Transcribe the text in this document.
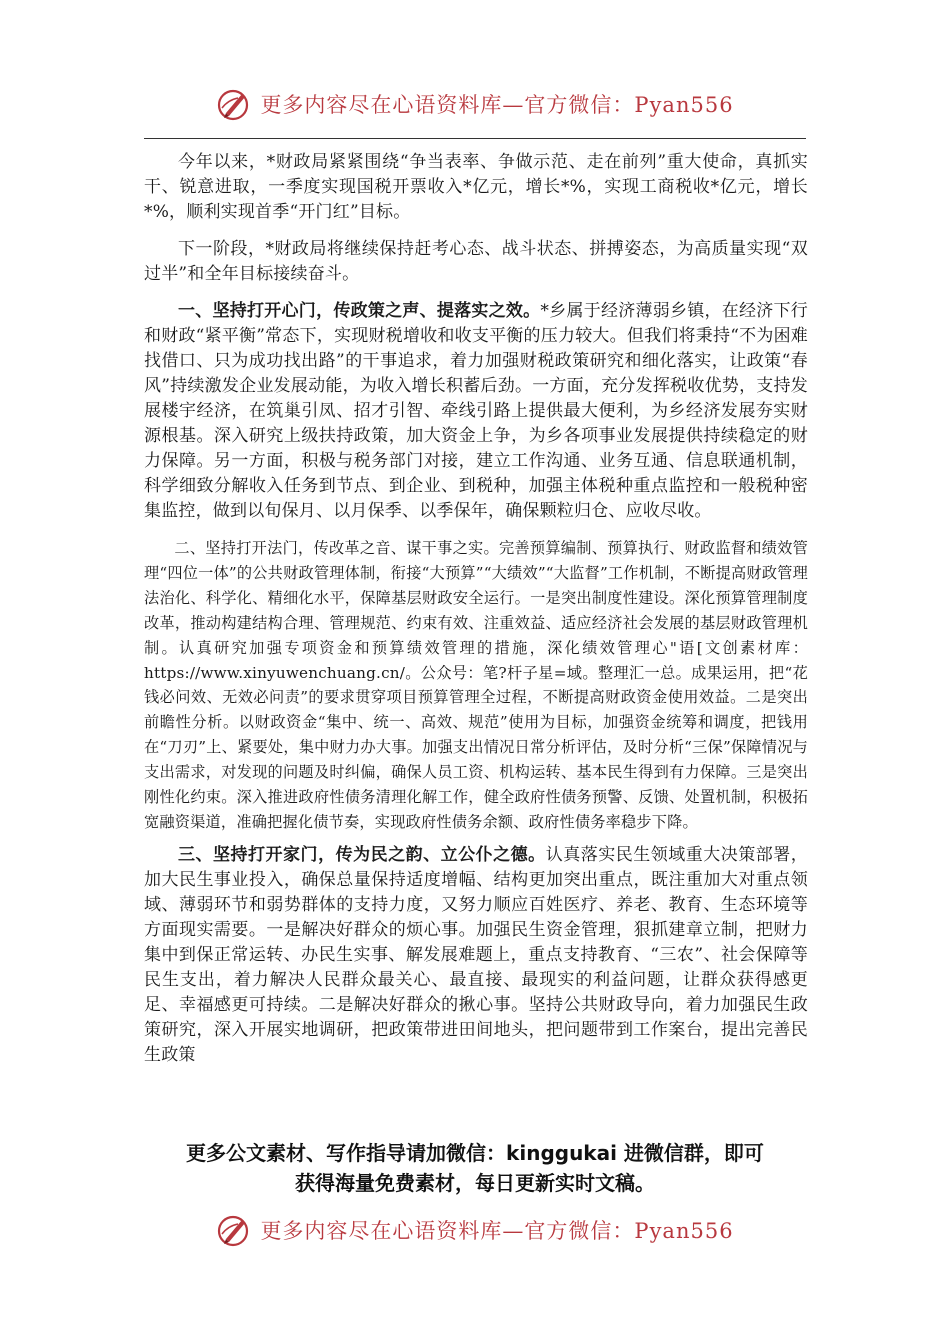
更多内容尽在心语资料库—官方微信：Pyan556

今年以来，*财政局紧紧围绕“争当表率、争做示范、走在前列”重大使命，真抓实干、锐意进取，一季度实现国税开票收入*亿元，增长*%，实现工商税收*亿元，增长*%，顺利实现首季“开门红”目标。

下一阶段，*财政局将继续保持赶考心态、战斗状态、拼搏姿态，为高质量实现“双过半”和全年目标接续奋斗。

一、坚持打开心门，传政策之声、提落实之效。*乡属于经济薄弱乡镇，在经济下行和财政“紧平衡”常态下，实现财税增收和收支平衡的压力较大。但我们将秉持“不为困难找借口、只为成功找出路”的干事追求，着力加强财税政策研究和细化落实，让政策“春风”持续激发企业发展动能，为收入增长积蓄后劲。一方面，充分发挥税收优势，支持发展楼宇经济，在筑巢引凤、招才引智、牵线引路上提供最大便利，为乡经济发展夯实财源根基。深入研究上级扶持政策，加大资金上争，为乡各项事业发展提供持续稳定的财力保障。另一方面，积极与税务部门对接，建立工作沟通、业务互通、信息联通机制，科学细致分解收入任务到节点、到企业、到税种，加强主体税种重点监控和一般税种密集监控，做到以旬保月、以月保季、以季保年，确保颗粒归仓、应收尽收。

二、坚持打开法门，传改革之音、谋干事之实。完善预算编制、预算执行、财政监督和绩效管理“四位一体”的公共财政管理体制，衔接“大预算”“大绩效”“大监督”工作机制，不断提高财政管理法治化、科学化、精细化水平，保障基层财政安全运行。一是突出制度性建设。深化预算管理制度改革，推动构建结构合理、管理规范、约束有效、注重效益、适应经济社会发展的基层财政管理机制。认真研究加强专项资金和预算绩效管理的措施，深化绩效管理心"语[文创素材库：https://www.xinyuwenchuang.cn/。公众号：笔?杆子星=域。整理汇一总。成果运用，把“花钱必问效、无效必问责”的要求贯穿项目预算管理全过程，不断提高财政资金使用效益。二是突出前瞻性分析。以财政资金“集中、统一、高效、规范”使用为目标，加强资金统筹和调度，把钱用在“刀刃”上、紧要处，集中财力办大事。加强支出情况日常分析评估，及时分析“三保”保障情况与支出需求，对发现的问题及时纠偏，确保人员工资、机构运转、基本民生得到有力保障。三是突出刚性化约束。深入推进政府性债务清理化解工作，健全政府性债务预警、反馈、处置机制，积极拓宽融资渠道，准确把握化债节奏，实现政府性债务余额、政府性债务率稳步下降。

三、坚持打开家门，传为民之韵、立公仆之德。认真落实民生领域重大决策部署，加大民生事业投入，确保总量保持适度增幅、结构更加突出重点，既注重加大对重点领域、薄弱环节和弱势群体的支持力度，又努力顺应百姓医疗、养老、教育、生态环境等方面现实需要。一是解决好群众的烦心事。加强民生资金管理，狠抓建章立制，把财力集中到保正常运转、办民生实事、解发展难题上，重点支持教育、“三农”、社会保障等民生支出，着力解决人民群众最关心、最直接、最现实的利益问题，让群众获得感更足、幸福感更可持续。二是解决好群众的揪心事。坚持公共财政导向，着力加强民生政策研究，深入开展实地调研，把政策带进田间地头，把问题带到工作案台，提出完善民生政策

更多公文素材、写作指导请加微信：kinggukai 进微信群，即可
获得海量免费素材，每日更新实时文稿。
更多内容尽在心语资料库—官方微信：Pyan556
